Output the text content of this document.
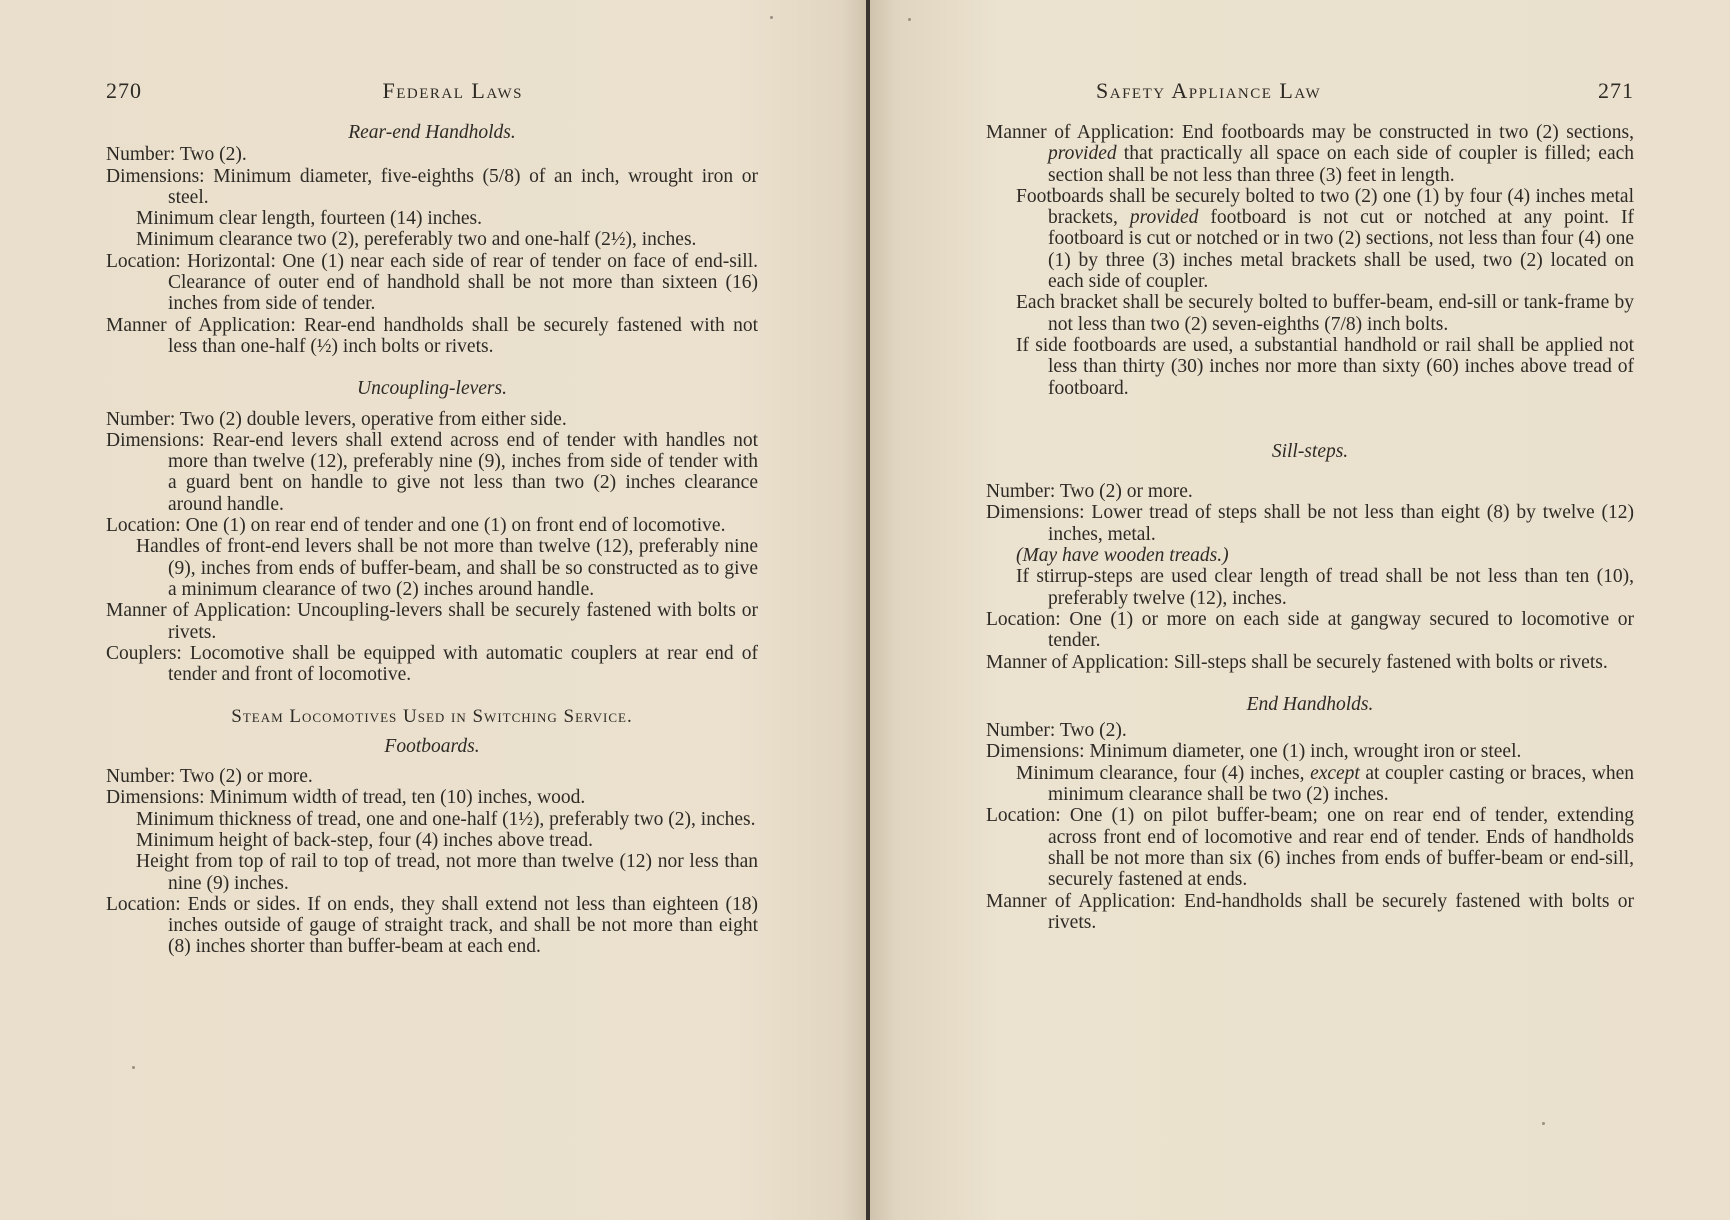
270	Federal Laws
Rear-end Handholds.
Number: Two (2).
Dimensions: Minimum diameter, five-eighths (5/8) of an inch, wrought iron or steel.
Minimum clear length, fourteen (14) inches.
Minimum clearance two (2), pereferably two and one-half (2½), inches.
Location: Horizontal: One (1) near each side of rear of tender on face of end-sill. Clearance of outer end of handhold shall be not more than sixteen (16) inches from side of tender.
Manner of Application: Rear-end handholds shall be securely fastened with not less than one-half (½) inch bolts or rivets.
Uncoupling-levers.
Number: Two (2) double levers, operative from either side.
Dimensions: Rear-end levers shall extend across end of tender with handles not more than twelve (12), preferably nine (9), inches from side of tender with a guard bent on handle to give not less than two (2) inches clearance around handle.
Location: One (1) on rear end of tender and one (1) on front end of locomotive.
Handles of front-end levers shall be not more than twelve (12), preferably nine (9), inches from ends of buffer-beam, and shall be so constructed as to give a minimum clearance of two (2) inches around handle.
Manner of Application: Uncoupling-levers shall be securely fastened with bolts or rivets.
Couplers: Locomotive shall be equipped with automatic couplers at rear end of tender and front of locomotive.
Steam Locomotives Used in Switching Service.
Footboards.
Number: Two (2) or more.
Dimensions: Minimum width of tread, ten (10) inches, wood.
Minimum thickness of tread, one and one-half (1½), preferably two (2), inches.
Minimum height of back-step, four (4) inches above tread.
Height from top of rail to top of tread, not more than twelve (12) nor less than nine (9) inches.
Location: Ends or sides. If on ends, they shall extend not less than eighteen (18) inches outside of gauge of straight track, and shall be not more than eight (8) inches shorter than buffer-beam at each end.
Safety Appliance Law	271
Manner of Application: End footboards may be constructed in two (2) sections, provided that practically all space on each side of coupler is filled; each section shall be not less than three (3) feet in length.
Footboards shall be securely bolted to two (2) one (1) by four (4) inches metal brackets, provided footboard is not cut or notched at any point. If footboard is cut or notched or in two (2) sections, not less than four (4) one (1) by three (3) inches metal brackets shall be used, two (2) located on each side of coupler.
Each bracket shall be securely bolted to buffer-beam, end-sill or tank-frame by not less than two (2) seven-eighths (7/8) inch bolts.
If side footboards are used, a substantial handhold or rail shall be applied not less than thirty (30) inches nor more than sixty (60) inches above tread of footboard.
Sill-steps.
Number: Two (2) or more.
Dimensions: Lower tread of steps shall be not less than eight (8) by twelve (12) inches, metal.
(May have wooden treads.)
If stirrup-steps are used clear length of tread shall be not less than ten (10), preferably twelve (12), inches.
Location: One (1) or more on each side at gangway secured to locomotive or tender.
Manner of Application: Sill-steps shall be securely fastened with bolts or rivets.
End Handholds.
Number: Two (2).
Dimensions: Minimum diameter, one (1) inch, wrought iron or steel.
Minimum clearance, four (4) inches, except at coupler casting or braces, when minimum clearance shall be two (2) inches.
Location: One (1) on pilot buffer-beam; one on rear end of tender, extending across front end of locomotive and rear end of tender. Ends of handholds shall be not more than six (6) inches from ends of buffer-beam or end-sill, securely fastened at ends.
Manner of Application: End-handholds shall be securely fastened with bolts or rivets.
